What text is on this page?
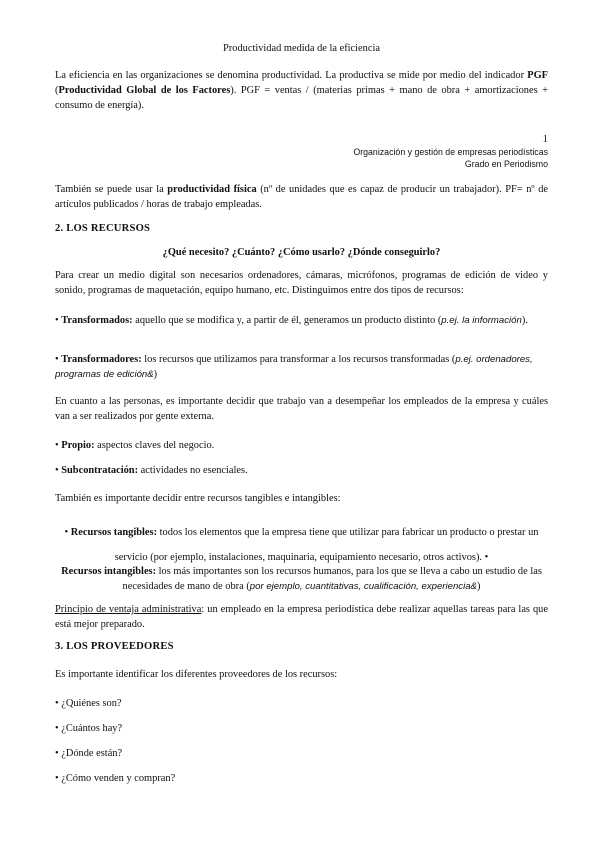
Productividad medida de la eficiencia

La eficiencia en las organizaciones se denomina productividad. La productiva se mide por medio del indicador PGF (Productividad Global de los Factores). PGF = ventas / (materias primas + mano de obra + amortizaciones + consumo de energía).

1

Organización y gestión de empresas periodísticas

Grado en Periodismo

También se puede usar la productividad física (nº de unidades que es capaz de producir un trabajador). PF= nº de artículos publicados / horas de trabajo empleadas.

2. LOS RECURSOS

¿Qué necesito? ¿Cuánto? ¿Cómo usarlo? ¿Dónde conseguirlo?

Para crear un medio digital son necesarios ordenadores, cámaras, micrófonos, programas de edición de video y sonido, programas de maquetación, equipo humano, etc. Distinguimos entre dos tipos de recursos:

• Transformados: aquello que se modifica y, a partir de él, generamos un producto distinto (p.ej. la información).

• Transformadores: los recursos que utilizamos para transformar a los recursos transformadas (p.ej. ordenadores, programas de edición&)

En cuanto a las personas, es importante decidir que trabajo van a desempeñar los empleados de la empresa y cuáles van a ser realizados por gente externa.

• Propio: aspectos claves del negocio.

• Subcontratación: actividades no esenciales.

También es importante decidir entre recursos tangibles e intangibles:

• Recursos tangibles: todos los elementos que la empresa tiene que utilizar para fabricar un producto o prestar un servicio (por ejemplo, instalaciones, maquinaria, equipamiento necesario, otros activos). •

Recursos intangibles: los más importantes son los recursos humanos, para los que se lleva a cabo un estudio de las necesidades de mano de obra (por ejemplo, cuantitativas, cualificación, experiencia&)

Principio de ventaja administrativa: un empleado en la empresa periodística debe realizar aquellas tareas para las que está mejor preparado.

3. LOS PROVEEDORES

Es importante identificar los diferentes proveedores de los recursos:

• ¿Quiénes son?

• ¿Cuántos hay?

• ¿Dónde están?

• ¿Cómo venden y compran?
